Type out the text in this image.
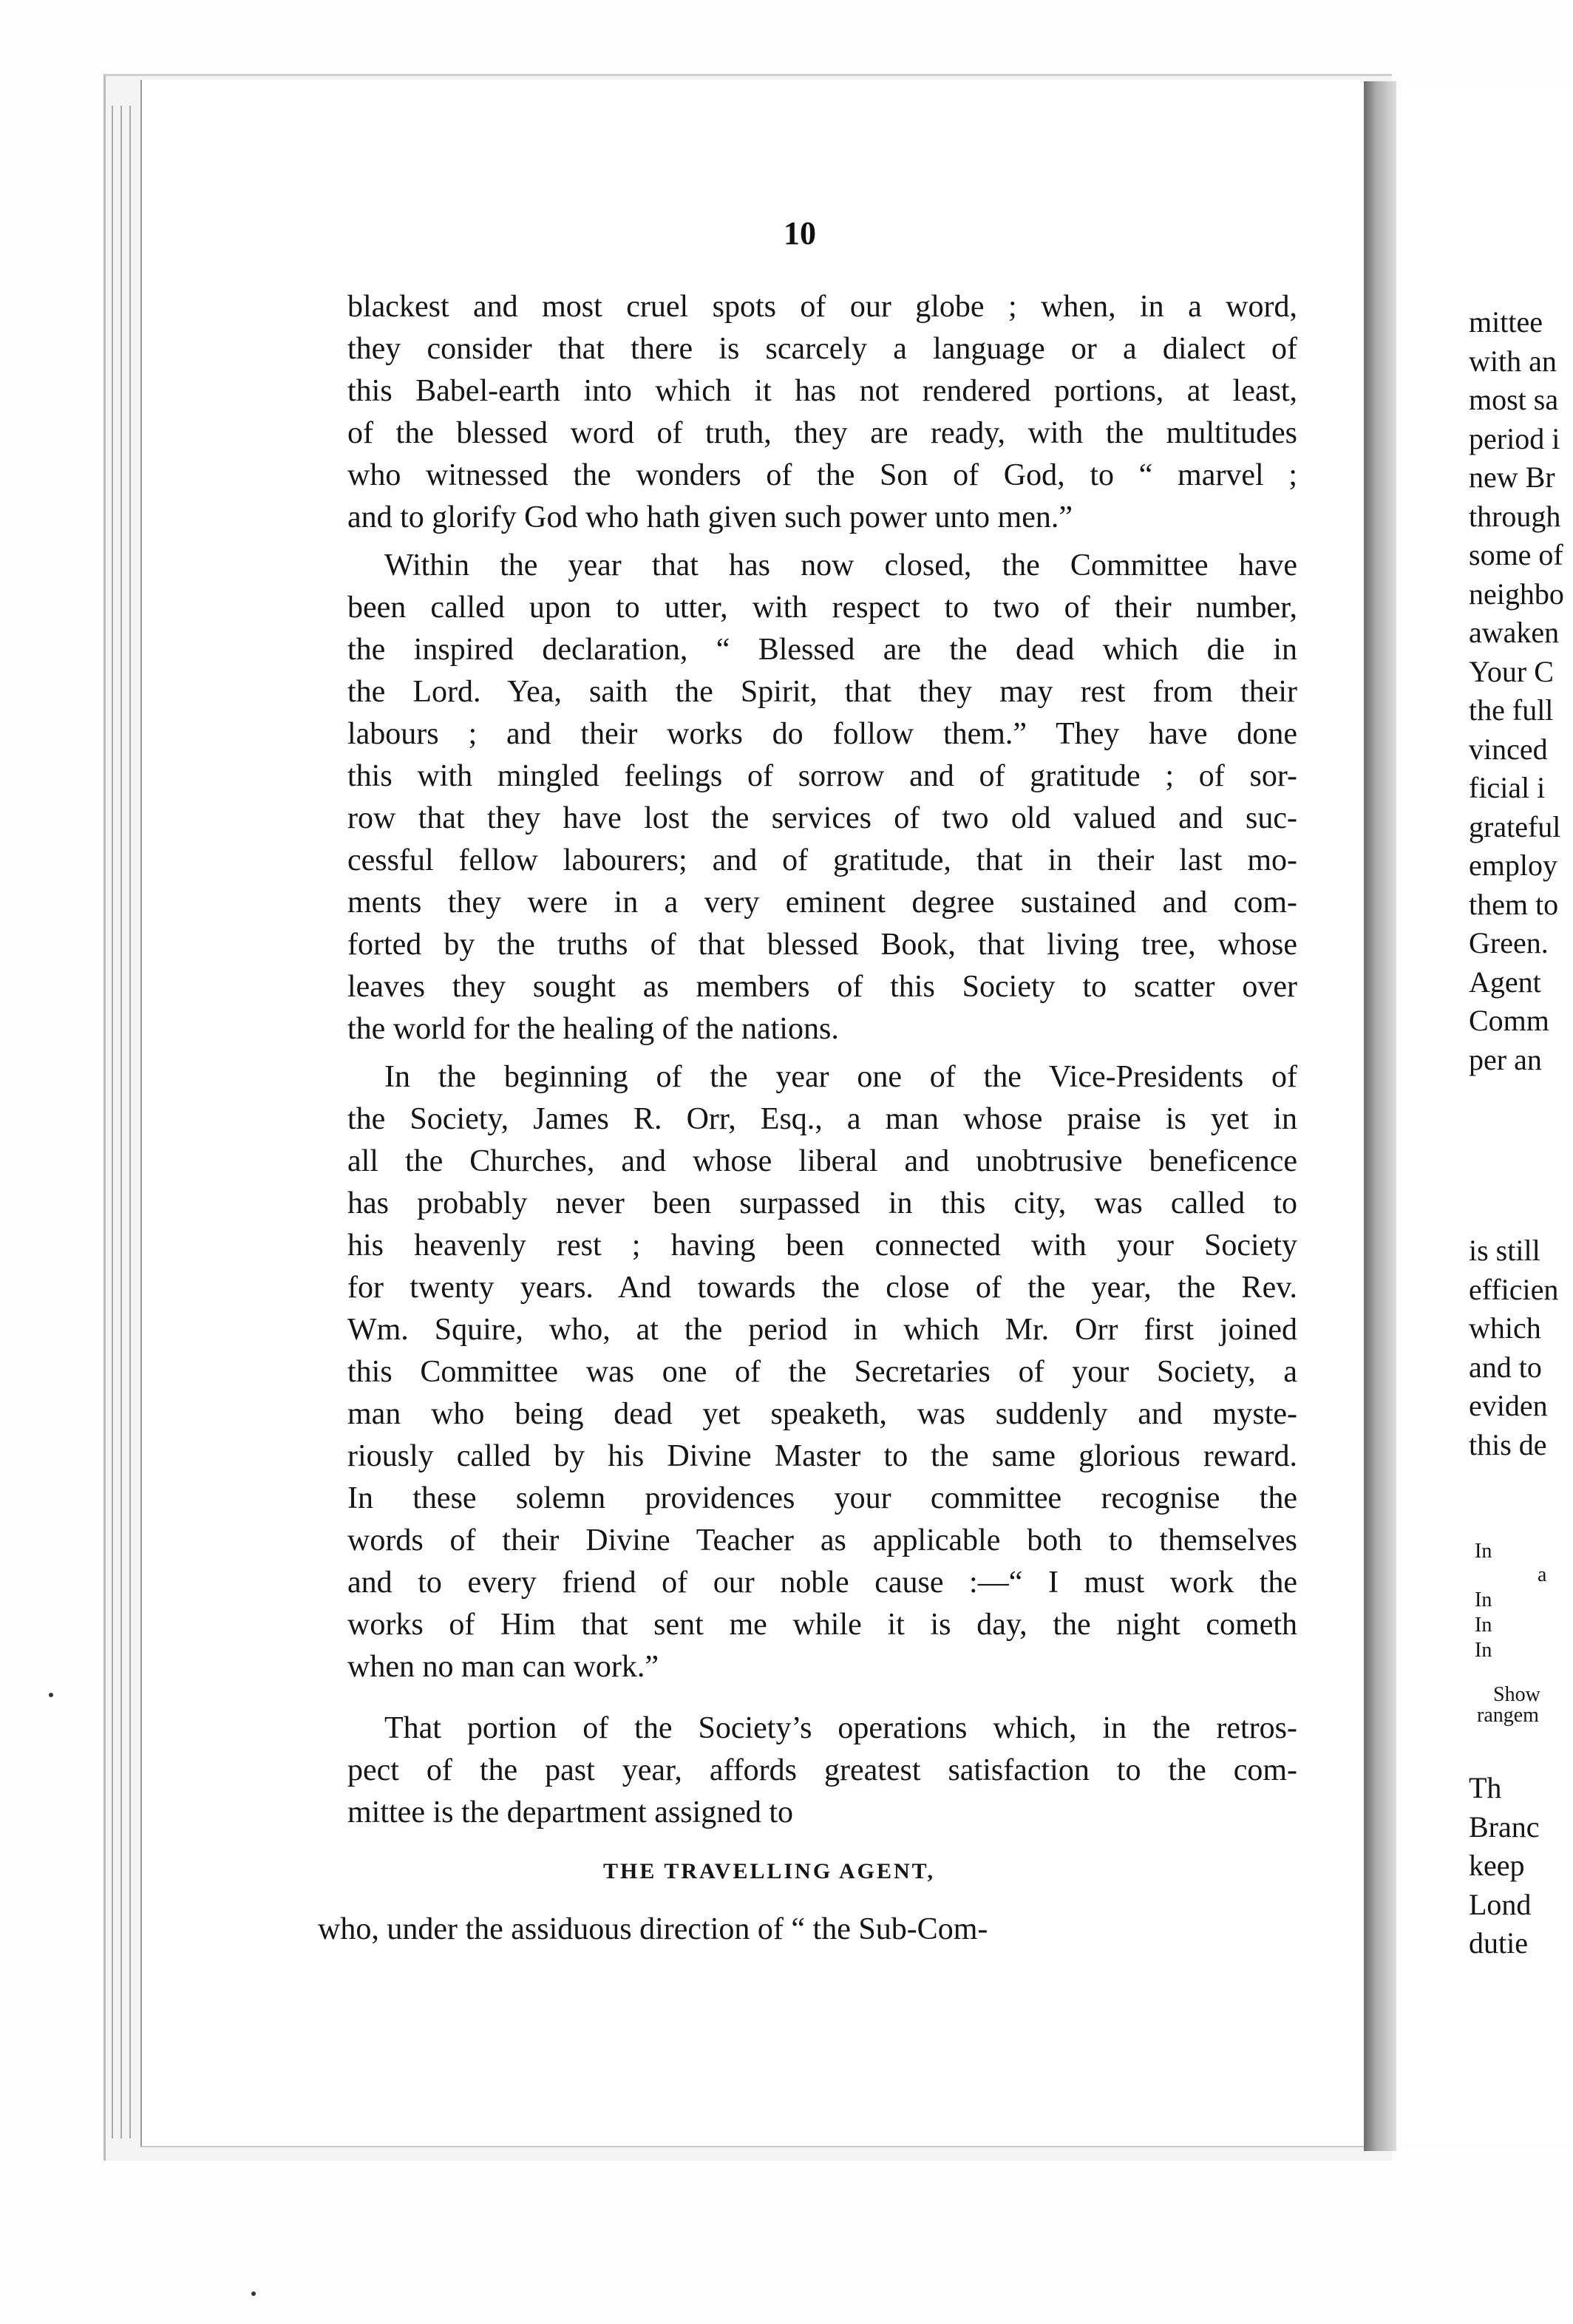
10
blackest and most cruel spots of our globe ; when, in a word,
they consider that there is scarcely a language or a dialect of
this Babel-earth into which it has not rendered portions, at least,
of the blessed word of truth, they are ready, with the multitudes
who witnessed the wonders of the Son of God, to “ marvel ;
and to glorify God who hath given such power unto men.”
Within the year that has now closed, the Committee have
been called upon to utter, with respect to two of their number,
the inspired declaration, “ Blessed are the dead which die in
the Lord. Yea, saith the Spirit, that they may rest from their
labours ; and their works do follow them.” They have done
this with mingled feelings of sorrow and of gratitude ; of sor-
row that they have lost the services of two old valued and suc-
cessful fellow labourers; and of gratitude, that in their last mo-
ments they were in a very eminent degree sustained and com-
forted by the truths of that blessed Book, that living tree, whose
leaves they sought as members of this Society to scatter over
the world for the healing of the nations.
In the beginning of the year one of the Vice-Presidents of
the Society, James R. Orr, Esq., a man whose praise is yet in
all the Churches, and whose liberal and unobtrusive beneficence
has probably never been surpassed in this city, was called to
his heavenly rest ; having been connected with your Society
for twenty years. And towards the close of the year, the Rev.
Wm. Squire, who, at the period in which Mr. Orr first joined
this Committee was one of the Secretaries of your Society, a
man who being dead yet speaketh, was suddenly and myste-
riously called by his Divine Master to the same glorious reward.
In these solemn providences your committee recognise the
words of their Divine Teacher as applicable both to themselves
and to every friend of our noble cause :—“ I must work the
works of Him that sent me while it is day, the night cometh
when no man can work.”
That portion of the Society’s operations which, in the retros-
pect of the past year, affords greatest satisfaction to the com-
mittee is the department assigned to
THE TRAVELLING AGENT,
who, under the assiduous direction of “ the Sub-Com-
mittee
with an
most sa
period i
new Br
through
some of
neighbo
awaken
Your C
the full
vinced
ficial i
grateful
employ
them to
Green.
Agent
Comm
per an
is still
efficien
which
and to
eviden
this de
In
a
In
In
In
Show
rangem
Th
Branc
keep
Lond
dutie
